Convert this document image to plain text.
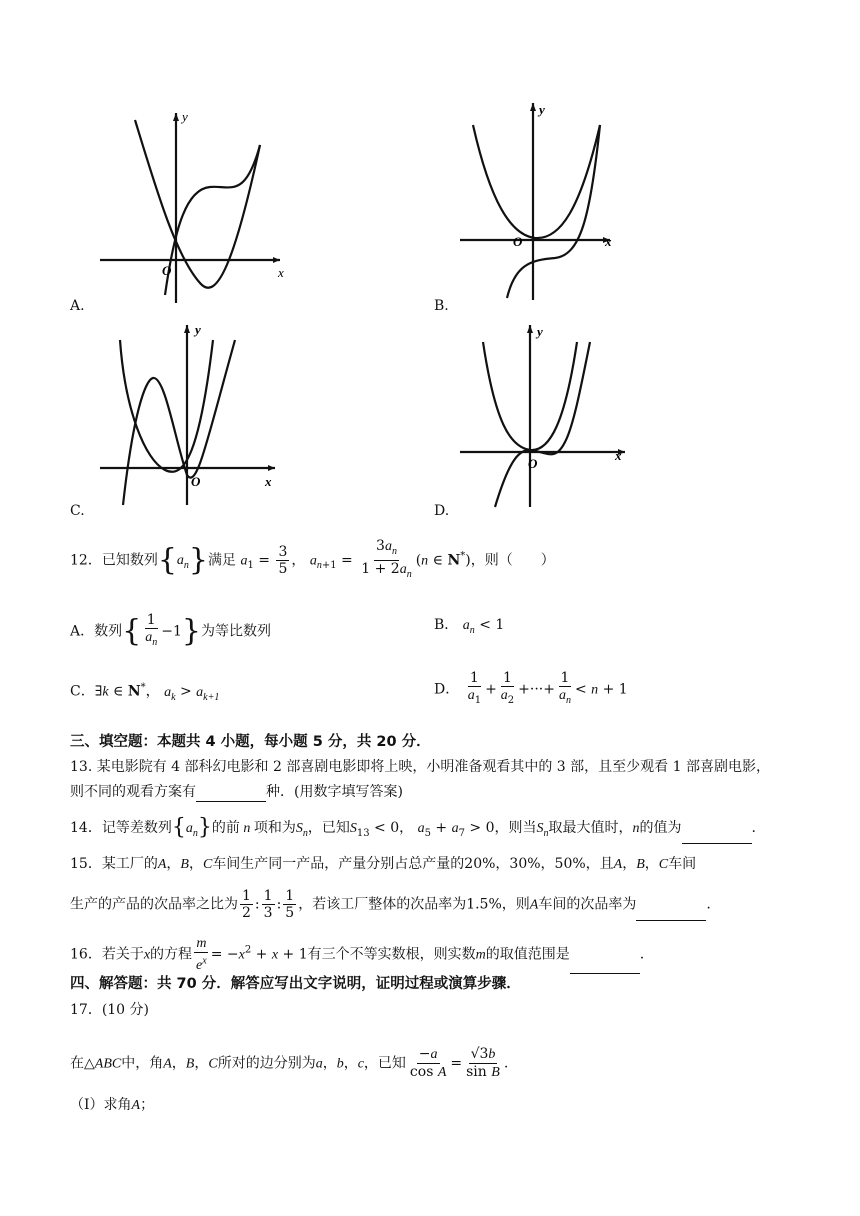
y
x
O
A.
y
x
O
B.
y
x
O
C.
y
x
O
D.
12．已知数列$\{a_n\}$满足 $a_1 = \frac{3}{5}$ ， $a_{n+1} = \frac{3a_n}{1 + 2a_n} (n$ ∈ N*)，则（　　）
A．数列{ $\frac{1}{a_n} -1$}为等比数列	B． $a_n < 1$
C．∃k ∈ N*， $a_k > a_{k+1}$	D． $\frac{1}{a_1} + \frac{1}{a_2}$ +···+ $\frac{1}{a_n} < n + 1$
三、填空题：本题共 4 小题，每小题 5 分，共 20 分．
13. 某电影院有 4 部科幻电影和 2 部喜剧电影即将上映，小明准备观看其中的 3 部，且至少观看 1 部喜剧电影，
则不同的观看方案有	种．(用数字填写答案)
14．记等差数列$\{a_n\}$的前 n 项和为$S_n$，已知$S_{13} < 0$， $a_5 + a_7 > 0$，则当$S_n$取最大值时，n的值为	.
15．某工厂的A，B，C车间生产同一产品，产量分别占总产量的20%，30%，50%，且A，B，C车间
生产的产品的次品率之比为 $\frac{1}{2}$ : $\frac{1}{3}$ : $\frac{1}{5}$ ，若该工厂整体的次品率为1.5%，则A车间的次品率为	.
16．若关于x的方程 $\frac{m}{e^x} = -x^2 + x + 1$有三个不等实数根，则实数m的取值范围是	.
四、解答题：共 70 分．解答应写出文字说明，证明过程或演算步骤．
17．(10 分)
在△ABC中，角A，B，C所对的边分别为a，b，c，已知 $\frac{-a}{\text{cos A}} = \frac{√3b}{\text{sin B}}$ .
（Ⅰ）求角A；
